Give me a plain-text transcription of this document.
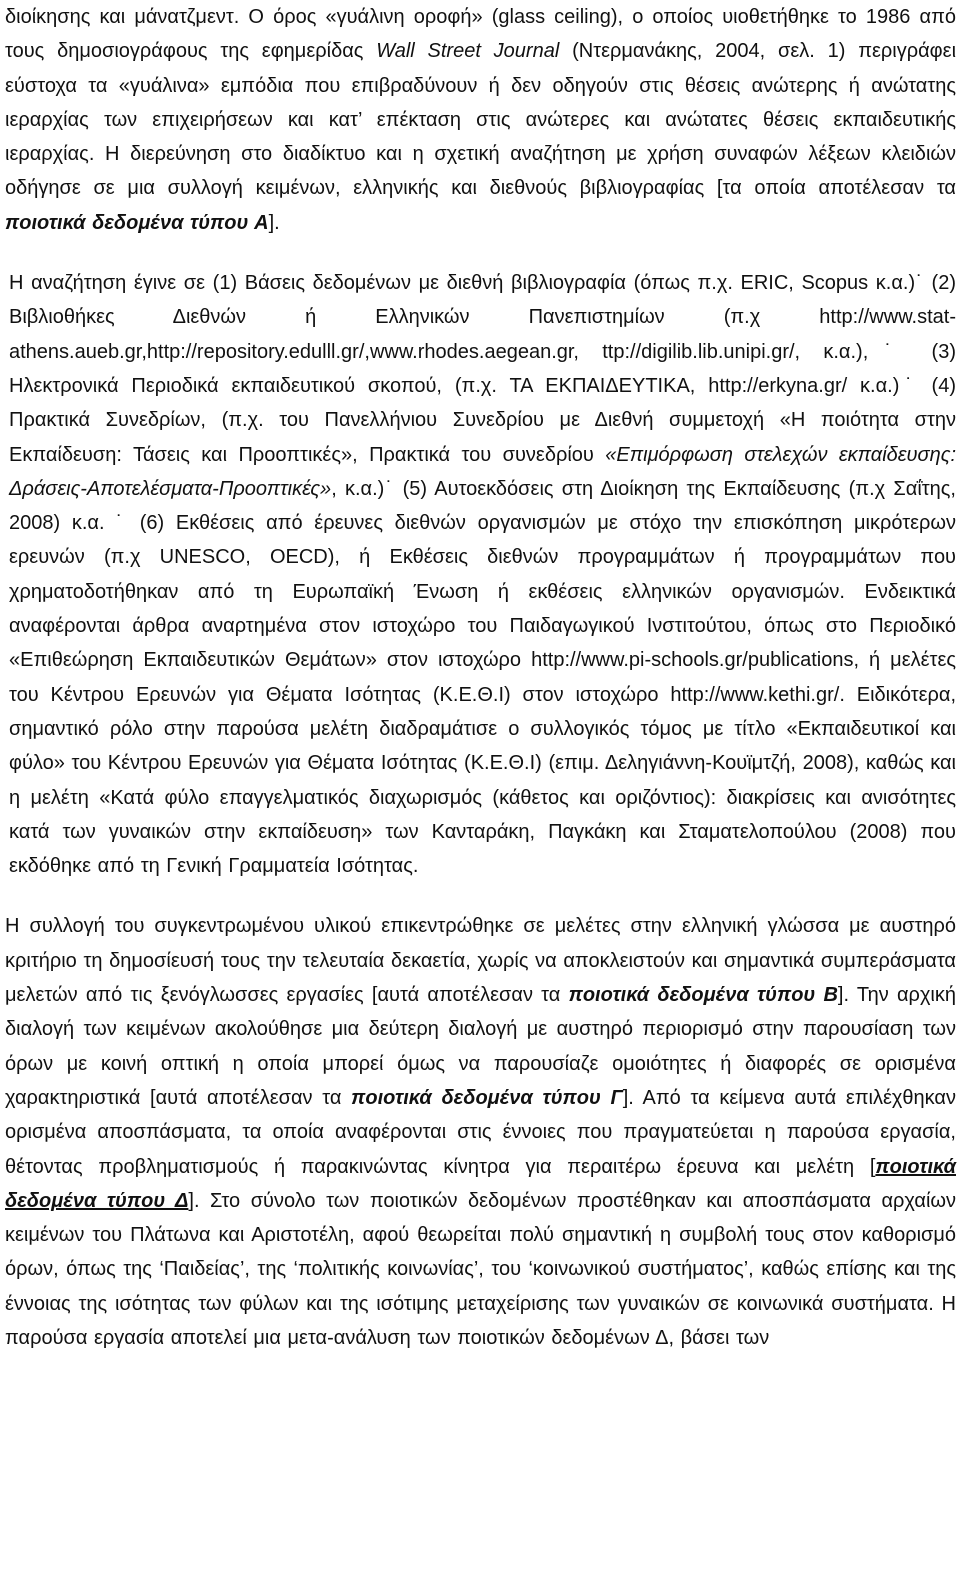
διοίκησης και μάνατζμεντ. Ο όρος «γυάλινη οροφή» (glass ceiling), ο οποίος υιοθετήθηκε το 1986 από τους δημοσιογράφους της εφημερίδας Wall Street Journal (Ντερμανάκης, 2004, σελ. 1) περιγράφει εύστοχα τα «γυάλινα» εμπόδια που επιβραδύνουν ή δεν οδηγούν στις θέσεις ανώτερης ή ανώτατης ιεραρχίας των επιχειρήσεων και κατ’ επέκταση στις ανώτερες και ανώτατες θέσεις εκπαιδευτικής ιεραρχίας. Η διερεύνηση στο διαδίκτυο και η σχετική αναζήτηση με χρήση συναφών λέξεων κλειδιών οδήγησε σε μια συλλογή κειμένων, ελληνικής και διεθνούς βιβλιογραφίας [τα οποία αποτέλεσαν τα ποιοτικά δεδομένα τύπου Α].

Η αναζήτηση έγινε σε (1) Βάσεις δεδομένων με διεθνή βιβλιογραφία (όπως π.χ. ERIC, Scopus κ.α.)˙ (2) Βιβλιοθήκες Διεθνών ή Ελληνικών Πανεπιστημίων (π.χ http://www.stat-athens.aueb.gr,http://repository.edulll.gr/,www.rhodes.aegean.gr, ttp://digilib.lib.unipi.gr/, κ.α.),˙ (3) Ηλεκτρονικά Περιοδικά εκπαιδευτικού σκοπού, (π.χ. ΤΑ ΕΚΠΑΙΔΕΥΤΙΚΑ, http://erkyna.gr/ κ.α.)˙ (4) Πρακτικά Συνεδρίων, (π.χ. του Πανελλήνιου Συνεδρίου με Διεθνή συμμετοχή «Η ποιότητα στην Εκπαίδευση: Τάσεις και Προοπτικές», Πρακτικά του συνεδρίου «Επιμόρφωση στελεχών εκπαίδευσης: Δράσεις-Αποτελέσματα-Προοπτικές», κ.α.)˙ (5) Αυτοεκδόσεις στη Διοίκηση της Εκπαίδευσης (π.χ Σαΐτης, 2008) κ.α. ˙ (6) Εκθέσεις από έρευνες διεθνών οργανισμών με στόχο την επισκόπηση μικρότερων ερευνών (π.χ UNESCO, OECD), ή Εκθέσεις διεθνών προγραμμάτων ή προγραμμάτων που χρηματοδοτήθηκαν από τη Ευρωπαϊκή Ένωση ή εκθέσεις ελληνικών οργανισμών. Ενδεικτικά αναφέρονται άρθρα αναρτημένα στον ιστοχώρο του Παιδαγωγικού Ινστιτούτου, όπως στο Περιοδικό «Επιθεώρηση Εκπαιδευτικών Θεμάτων» στον ιστοχώρο http://www.pi-schools.gr/publications, ή μελέτες του Κέντρου Ερευνών για Θέματα Ισότητας (Κ.Ε.Θ.Ι) στον ιστοχώρο http://www.kethi.gr/. Ειδικότερα, σημαντικό ρόλο στην παρούσα μελέτη διαδραμάτισε ο συλλογικός τόμος με τίτλο «Εκπαιδευτικοί και φύλο» του Κέντρου Ερευνών για Θέματα Ισότητας (Κ.Ε.Θ.Ι) (επιμ. Δεληγιάννη-Κουϊμτζή, 2008), καθώς και η μελέτη «Κατά φύλο επαγγελματικός διαχωρισμός (κάθετος και οριζόντιος): διακρίσεις και ανισότητες κατά των γυναικών στην εκπαίδευση» των Κανταράκη, Παγκάκη και Σταματελοπούλου (2008) που εκδόθηκε από τη Γενική Γραμματεία Ισότητας.

Η συλλογή του συγκεντρωμένου υλικού επικεντρώθηκε σε μελέτες στην ελληνική γλώσσα με αυστηρό κριτήριο τη δημοσίευσή τους την τελευταία δεκαετία, χωρίς να αποκλειστούν και σημαντικά συμπεράσματα μελετών από τις ξενόγλωσσες εργασίες [αυτά αποτέλεσαν τα ποιοτικά δεδομένα τύπου Β]. Την αρχική διαλογή των κειμένων ακολούθησε μια δεύτερη διαλογή με αυστηρό περιορισμό στην παρουσίαση των όρων με κοινή οπτική η οποία μπορεί όμως να παρουσίαζε ομοιότητες ή διαφορές σε ορισμένα χαρακτηριστικά [αυτά αποτέλεσαν τα ποιοτικά δεδομένα τύπου Γ]. Από τα κείμενα αυτά επιλέχθηκαν ορισμένα αποσπάσματα, τα οποία αναφέρονται στις έννοιες που πραγματεύεται η παρούσα εργασία, θέτοντας προβληματισμούς ή παρακινώντας κίνητρα για περαιτέρω έρευνα και μελέτη [ποιοτικά δεδομένα τύπου Δ]. Στο σύνολο των ποιοτικών δεδομένων προστέθηκαν και αποσπάσματα αρχαίων κειμένων του Πλάτωνα και Αριστοτέλη, αφού θεωρείται πολύ σημαντική η συμβολή τους στον καθορισμό όρων, όπως της ‘Παιδείας’, της ‘πολιτικής κοινωνίας’, του ‘κοινωνικού συστήματος’, καθώς επίσης και της έννοιας της ισότητας των φύλων και της ισότιμης μεταχείρισης των γυναικών σε κοινωνικά συστήματα. Η παρούσα εργασία αποτελεί μια μετα-ανάλυση των ποιοτικών δεδομένων Δ, βάσει των
